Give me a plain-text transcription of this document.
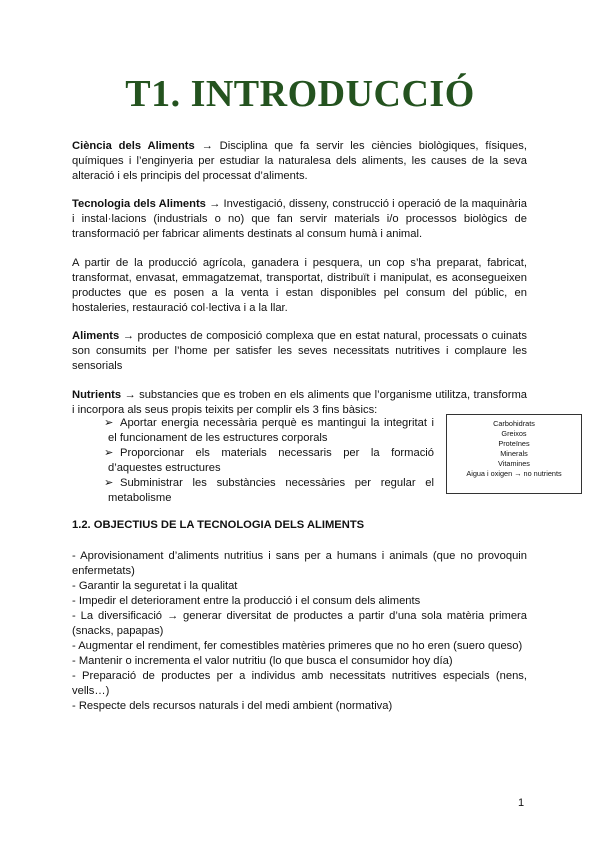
T1. INTRODUCCIÓ

Ciència dels Aliments → Disciplina que fa servir les ciències biològiques, físiques, químiques i l’enginyeria per estudiar la naturalesa dels aliments, les causes de la seva alteració i els principis del processat d’aliments.

Tecnologia dels Aliments → Investigació, disseny, construcció i operació de la maquinària i instal·lacions (industrials o no) que fan servir materials i/o processos biològics de transformació per fabricar aliments destinats al consum humà i animal.

A partir de la producció agrícola, ganadera i pesquera, un cop s’ha preparat, fabricat, transformat, envasat, emmagatzemat, transportat, distribuït i manipulat, es aconsegueixen productes que es posen a la venta i estan disponibles pel consum del públic, en hostaleries, restauració col·lectiva i a la llar.

Aliments → productes de composició complexa que en estat natural, processats o cuinats son consumits per l’home per satisfer les seves necessitats nutritives i complaure les sensorials

Nutrients → substancies que es troben en els aliments que l’organisme utilitza, transforma i incorpora als seus propis teixits per complir els 3 fins bàsics:

➢ Aportar energia necessària perquè es mantingui la integritat i el funcionament de les estructures corporals
➢ Proporcionar els materials necessaris per la formació d’aquestes estructures
➢ Subministrar les substàncies necessàries per regular el metabolisme
Carbohidrats
Greixos
Proteïnes
Minerals
Vitamines
Aigua i oxigen → no nutrients
1.2. OBJECTIUS DE LA TECNOLOGIA DELS ALIMENTS
- Aprovisionament d’aliments nutritius i sans per a humans i animals (que no provoquin enfermetats)
- Garantir la seguretat i la qualitat
- Impedir el deteriorament entre la producció i el consum dels aliments
- La diversificació → generar diversitat de productes a partir d’una sola matèria primera (snacks, papapas)
- Augmentar el rendiment, fer comestibles matèries primeres que no ho eren (suero queso)
- Mantenir o incrementa el valor nutritiu (lo que busca el consumidor hoy día)
- Preparació de productes per a individus amb necessitats nutritives especials (nens, vells…)
- Respecte dels recursos naturals i del medi ambient (normativa)
1
